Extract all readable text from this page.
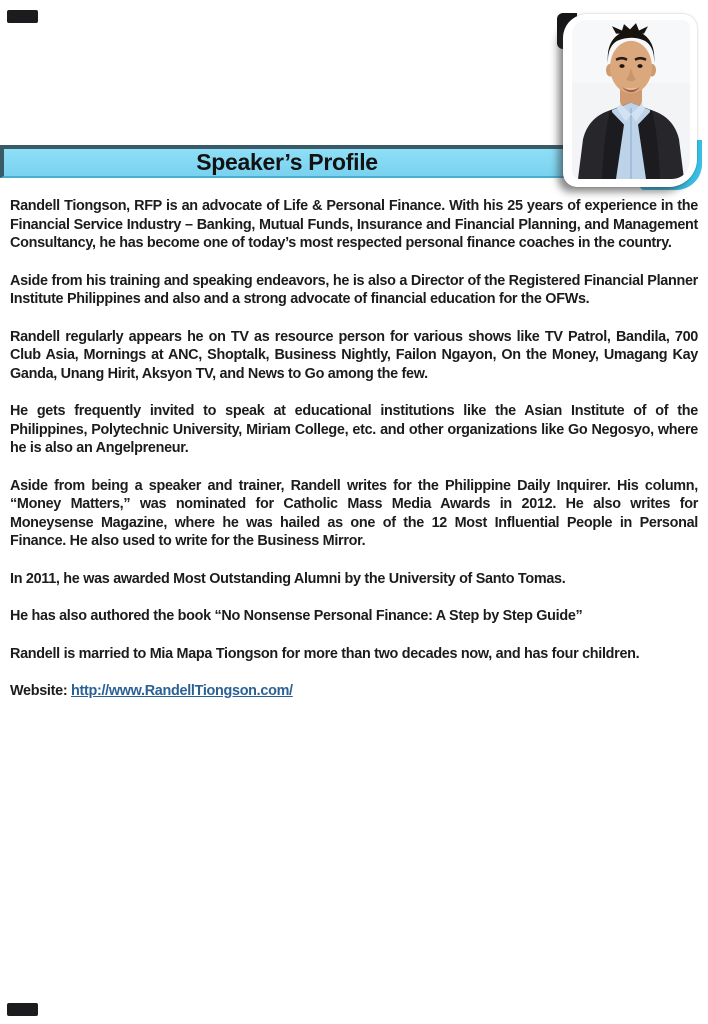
Speaker’s Profile

Randell Tiongson, RFP is an advocate of Life & Personal Finance. With his 25 years of experience in the Financial Service Industry – Banking, Mutual Funds, Insurance and Financial Planning, and Management Consultancy, he has become one of today’s most respected personal finance coaches in the country.

Aside from his training and speaking endeavors, he is also a Director of the Registered Financial Planner Institute Philippines and also and a strong advocate of financial education for the OFWs.

Randell regularly appears he on TV as resource person for various shows like TV Patrol, Bandila, 700 Club Asia, Mornings at ANC, Shoptalk, Business Nightly, Failon Ngayon, On the Money, Umagang Kay Ganda, Unang Hirit, Aksyon TV, and News to Go among the few.

He gets frequently invited to speak at educational institutions like the Asian Institute of of the Philippines, Polytechnic University, Miriam College, etc. and other organizations like Go Negosyo, where he is also an Angelpreneur.

Aside from being a speaker and trainer, Randell writes for the Philippine Daily Inquirer. His column, “Money Matters,” was nominated for Catholic Mass Media Awards in 2012. He also writes for Moneysense Magazine, where he was hailed as one of the 12 Most Influential People in Personal Finance. He also used to write for the Business Mirror.

In 2011, he was awarded Most Outstanding Alumni by the University of Santo Tomas.

He has also authored the book “No Nonsense Personal Finance: A Step by Step Guide”

Randell is married to Mia Mapa Tiongson for more than two decades now, and has four children.

Website: http://www.RandellTiongson.com/
